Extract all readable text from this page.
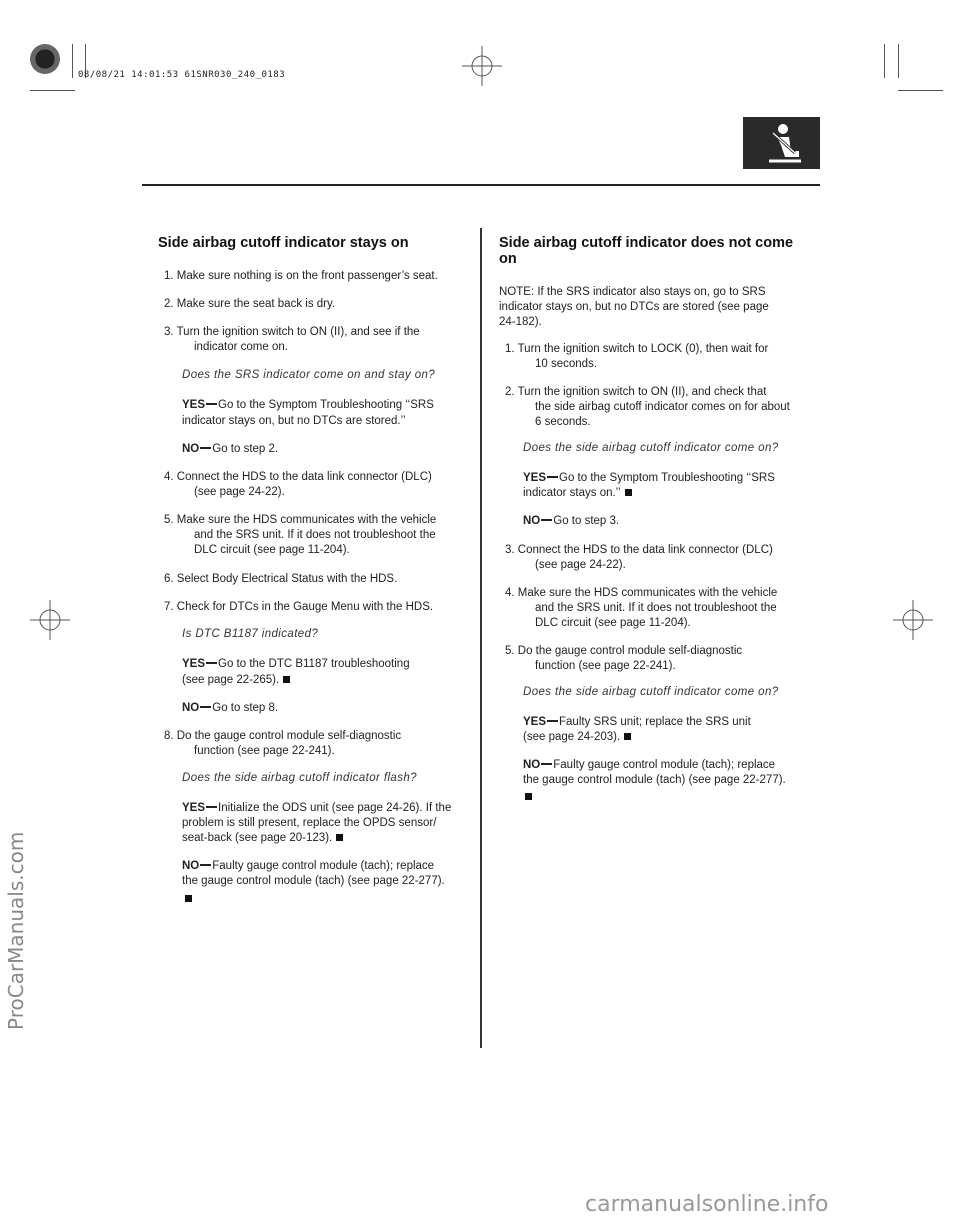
08/08/21 14:01:53 61SNR030_240_0183
Side airbag cutoff indicator stays on
1. Make sure nothing is on the front passenger’s seat.
2. Make sure the seat back is dry.
3. Turn the ignition switch to ON (II), and see if the
indicator come on.
Does the SRS indicator come on and stay on?
YES Go to the Symptom Troubleshooting ‘‘SRS
indicator stays on, but no DTCs are stored.’’
NO Go to step 2.
4. Connect the HDS to the data link connector (DLC)
(see page 24-22).
5. Make sure the HDS communicates with the vehicle
and the SRS unit. If it does not troubleshoot the
DLC circuit (see page 11-204).
6. Select Body Electrical Status with the HDS.
7. Check for DTCs in the Gauge Menu with the HDS.
Is DTC B1187 indicated?
YES Go to the DTC B1187 troubleshooting
(see page 22-265).
NO Go to step 8.
8. Do the gauge control module self-diagnostic
function (see page 22-241).
Does the side airbag cutoff indicator flash?
YES Initialize the ODS unit (see page 24-26). If the
problem is still present, replace the OPDS sensor/
seat-back (see page 20-123).
NO Faulty gauge control module (tach); replace
the gauge control module (tach) (see page 22-277).
Side airbag cutoff indicator does not come
on
NOTE: If the SRS indicator also stays on, go to SRS
indicator stays on, but no DTCs are stored (see page
24-182).
1. Turn the ignition switch to LOCK (0), then wait for
10 seconds.
2. Turn the ignition switch to ON (II), and check that
the side airbag cutoff indicator comes on for about
6 seconds.
Does the side airbag cutoff indicator come on?
YES Go to the Symptom Troubleshooting ‘‘SRS
indicator stays on.’’
NO Go to step 3.
3. Connect the HDS to the data link connector (DLC)
(see page 24-22).
4. Make sure the HDS communicates with the vehicle
and the SRS unit. If it does not troubleshoot the
DLC circuit (see page 11-204).
5. Do the gauge control module self-diagnostic
function (see page 22-241).
Does the side airbag cutoff indicator come on?
YES Faulty SRS unit; replace the SRS unit
(see page 24-203).
NO Faulty gauge control module (tach); replace
the gauge control module (tach) (see page 22-277).
ProCarManuals.com
carmanualsonline.info
